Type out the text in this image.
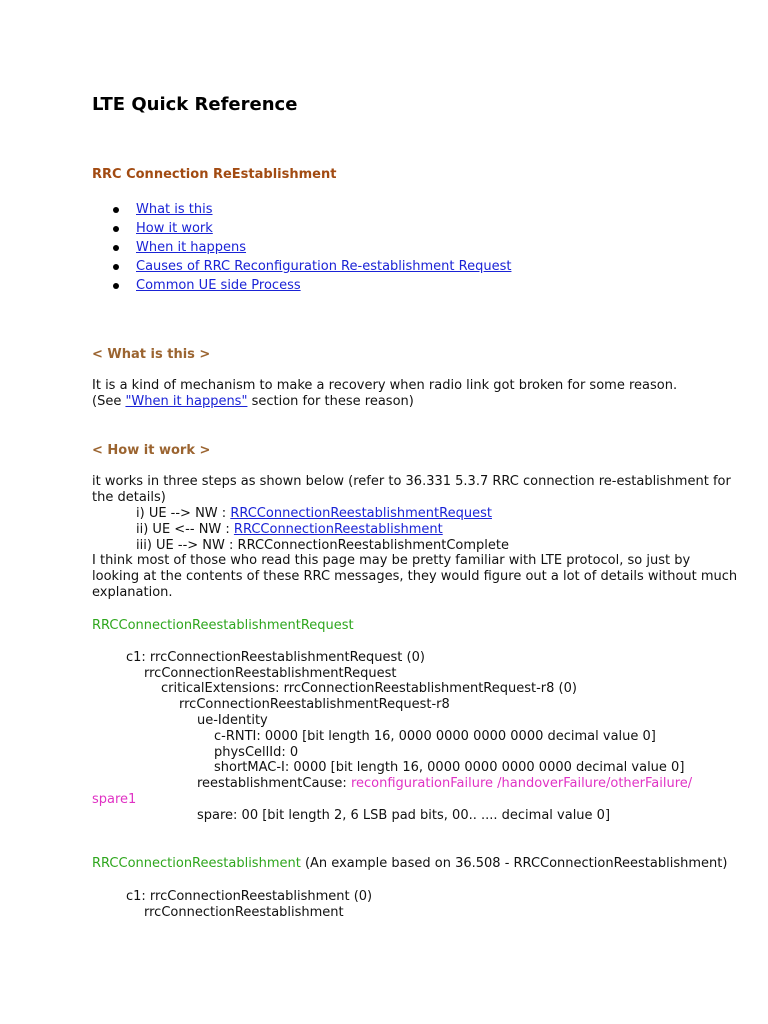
LTE Quick Reference
RRC Connection ReEstablishment
What is this
How it work
When it happens
Causes of RRC Reconfiguration Re-establishment Request
Common UE side Process
< What is this >
It is a kind of mechanism to make a recovery when radio link got broken for some reason.
(See "When it happens" section for these reason)
< How it work >
it works in three steps as shown below (refer to 36.331 5.3.7 RRC connection re-establishment for
the details)
i) UE --> NW : RRCConnectionReestablishmentRequest
ii) UE <-- NW : RRCConnectionReestablishment
iii) UE --> NW : RRCConnectionReestablishmentComplete
I think most of those who read this page may be pretty familiar with LTE protocol, so just by
looking at the contents of these RRC messages, they would figure out a lot of details without much
explanation.
RRCConnectionReestablishmentRequest
c1: rrcConnectionReestablishmentRequest (0)
rrcConnectionReestablishmentRequest
criticalExtensions: rrcConnectionReestablishmentRequest-r8 (0)
rrcConnectionReestablishmentRequest-r8
ue-Identity
c-RNTI: 0000 [bit length 16, 0000 0000 0000 0000 decimal value 0]
physCellId: 0
shortMAC-I: 0000 [bit length 16, 0000 0000 0000 0000 decimal value 0]
reestablishmentCause: reconfigurationFailure /handoverFailure/otherFailure/
spare1
spare: 00 [bit length 2, 6 LSB pad bits, 00.. .... decimal value 0]
RRCConnectionReestablishment (An example based on 36.508 - RRCConnectionReestablishment)
c1: rrcConnectionReestablishment (0)
rrcConnectionReestablishment
